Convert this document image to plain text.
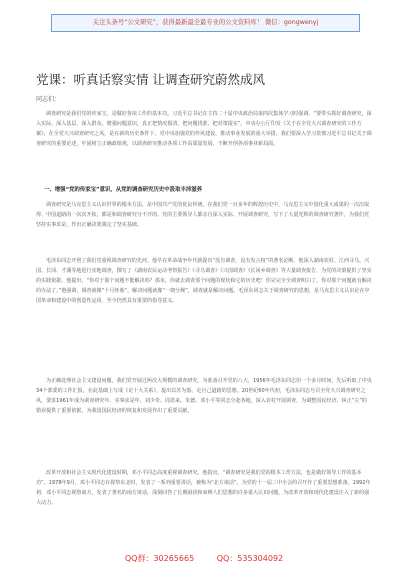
关注头条号“公文研究”，获得最新最全最专业的公文资料库！ 微信：gongwenyj
党课：听真话察实情 让调查研究蔚然成风
同志们：

调查研究是我们党的传家宝，是做好各项工作的基本功。习近平总书记在主持二十届中央政治局第四次集体学习时强调，“要带头抓好调查研究，深入实际，深入基层，深入群众，增强问题意识，真正把情况摸清、把问题找准、把对策提实”。中央办公厅印发《关于在全党大兴调查研究的工作方案》，在全党大兴调查研究之风，是在新的历史条件下，党中央加强党的作风建设、推动事业发展的重大举措。我们要深入学习贯彻习近平总书记关于调查研究的重要论述，牢固树立正确政绩观，以调查研究推动各项工作高质量发展，不断开创各项事业新局面。

一、增强“党的传家宝”意识，从党的调查研究历史中汲取丰沛滋养

调查研究是马克思主义认识世界的根本方法，是中国共产党的优良传统。在我们党一百多年的辉煌历史中，马克思主义中国化重大成果的一次次取得、中国道路的一次次开拓，都是和调查研究分不开的。党的主要领导人都亲自深入实际、开展调查研究，写下了大量光辉的调查研究著作，为我们党坚持实事求是、作出正确决策奠定了坚实基础。

毛泽东同志开创了我们党重视调查研究的先河。他早在革命战争年代就提出“没有调查，没有发言权”的著名论断。他深入湖南农村、江西寻乌、兴国、长冈、才溪等地进行实地调查，撰写了《湖南农民运动考察报告》《寻乌调查》《兴国调查》《长冈乡调查》等大量调查报告，为党的决策提供了坚实的实践依据。他提出，“你对于那个问题不能解决吗？那末，你就去调查那个问题的现状和它的历史吧！你完完全全调查明白了，你对那个问题就有解决的办法了。”他强调，调查就像“十月怀胎”，解决问题就像“一朝分娩”，调查就是解决问题。毛泽东同志关于调查研究的思想，是马克思主义认识论在中国革命和建设中的创造性运用，至今仍然具有重要的指导意义。

为正确处理社会主义建设问题，我们党开展过两次大规模的调查研究。为准备召开党的八大，1956年毛泽东同志用一个多月时间，先后听取了中央34个部委的工作汇报，在此基础上写成《论十大关系》，提出以苏为鉴、走自己道路的思想。20世纪60年代初，毛泽东同志号召全党大兴调查研究之风，要求1961年成为调查研究年、实事求是年。刘少奇、周恩来、朱德、邓小平等同志分赴各地，深入农村开展调查，为调整国民经济、纠正“左”的错误提供了重要依据，为我国国民经济的恢复和发展作出了重要贡献。

改革开放和社会主义现代化建设时期，邓小平同志高度重视调查研究。他指出，“调查研究是我们党的根本工作方法，也是做好领导工作的基本功”。1978年9月，邓小平同志在视察东北时，发表了一系列重要讲话，被称为“北方谈话”，为党的十一届三中全会的召开作了重要思想准备。1992年初，邓小平同志视察南方，发表了著名的南方谈话，深刻回答了长期困扰和束缚人们思想的许多重大认识问题，为改革开放和现代化建设注入了新的强大动力。

QQ群：30265665	QQ：535304092
